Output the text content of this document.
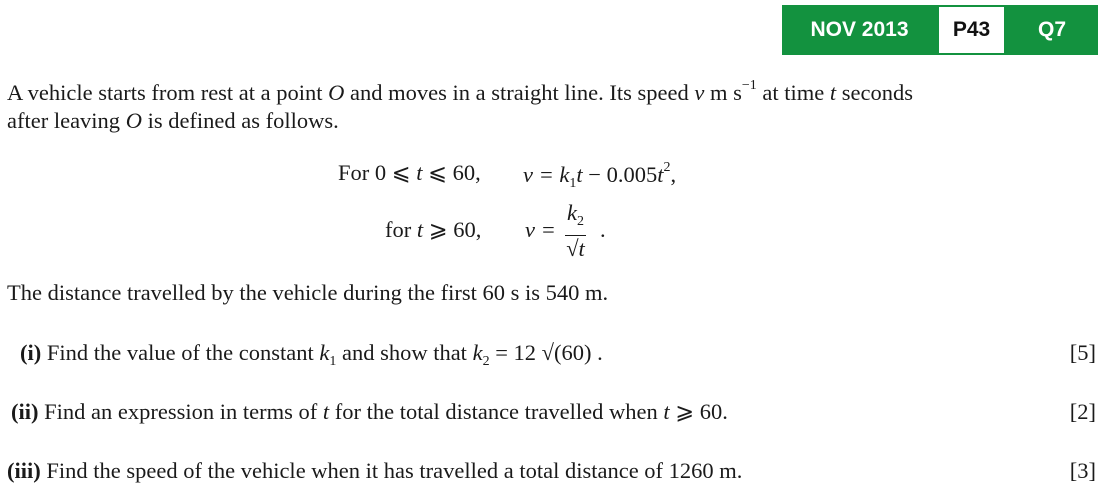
NOV 2013	P43	Q7
A vehicle starts from rest at a point O and moves in a straight line. Its speed v m $s^{-1}$ at time t seconds
after leaving O is defined as follows.
For 0 ⩽ t ⩽ 60, $v = k_1t - 0.005t^2$,
for t ⩾ 60, $v = \frac{k_2}{√t}$ .
The distance travelled by the vehicle during the first 60 s is 540 m.
(i) Find the value of the constant $k_1$ and show that $k_2 = 12$ √(60) .	[5]
(ii) Find an expression in terms of t for the total distance travelled when t ⩾ 60.	[2]
(iii) Find the speed of the vehicle when it has travelled a total distance of 1260 m.	[3]
